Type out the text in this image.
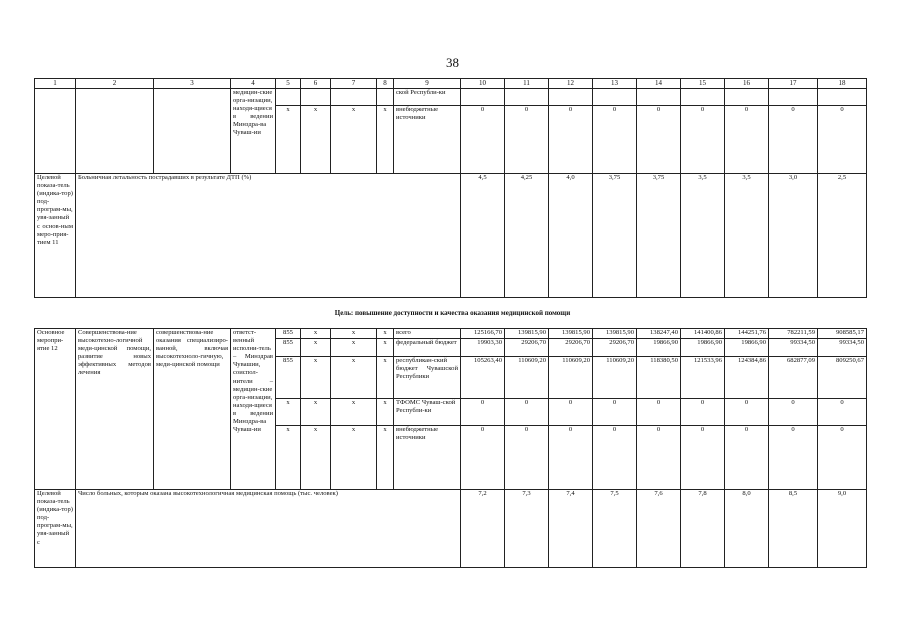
38
1	2	3	4	5	6	7	8	9	10	11	12	13	14	15	16	17	18
			медицин-ские орга-низации, находя-щиеся в ведении Минздра-ва Чуваш-ии					ской Республи-ки									
				x	x	x	x	внебюджетные источники	0	0	0	0	0	0	0	0	0
Целевой показа-тель (индика-тор) под-програм-мы, увя-занный с основ-ным меро-прия-тием 11	Больничная летальность пострадавших в результате ДТП (%)								4,5	4,25	4,0	3,75	3,75	3,5	3,5	3,0	2,5
Цель: повышение доступности и качества оказания медицинской помощи
Основное меропри-ятие 12	Совершенствова-ние высокотехно-логичной меди-цинской помощи, развитие новых эффективных методов лечения	совершенствова-ние оказания специализиро-ванной, включая высокотехноло-гичную, меди-цинской помощи	ответст-венный исполни-тель – Минздрав Чувашии, соиспол-нители – медицин-ские орга-низации, находя-щиеся в ведении Минздра-ва Чуваш-ии	855	x	x	x	всего	125166,70	139815,90	139815,90	139815,90	138247,40	141400,86	144251,76	782211,59	908585,17
				855	x	x	x	федеральный бюджет	19903,30	29206,70	29206,70	29206,70	19866,90	19866,90	19866,90	99334,50	99334,50
				855	x	x	x	республикан-ский бюджет Чувашской Республики	105263,40	110609,20	110609,20	110609,20	118380,50	121533,96	124384,86	682877,09	809250,67
				x	x	x	x	ТФОМС Чуваш-ской Республи-ки	0	0	0	0	0	0	0	0	0
				x	x	x	x	внебюджетные источники	0	0	0	0	0	0	0	0	0
Целевой показа-тель (индика-тор) под-програм-мы, увя-занный с	Число больных, которым оказана высокотехнологичная медицинская помощь (тыс. человек)								7,2	7,3	7,4	7,5	7,6	7,8	8,0	8,5	9,0
